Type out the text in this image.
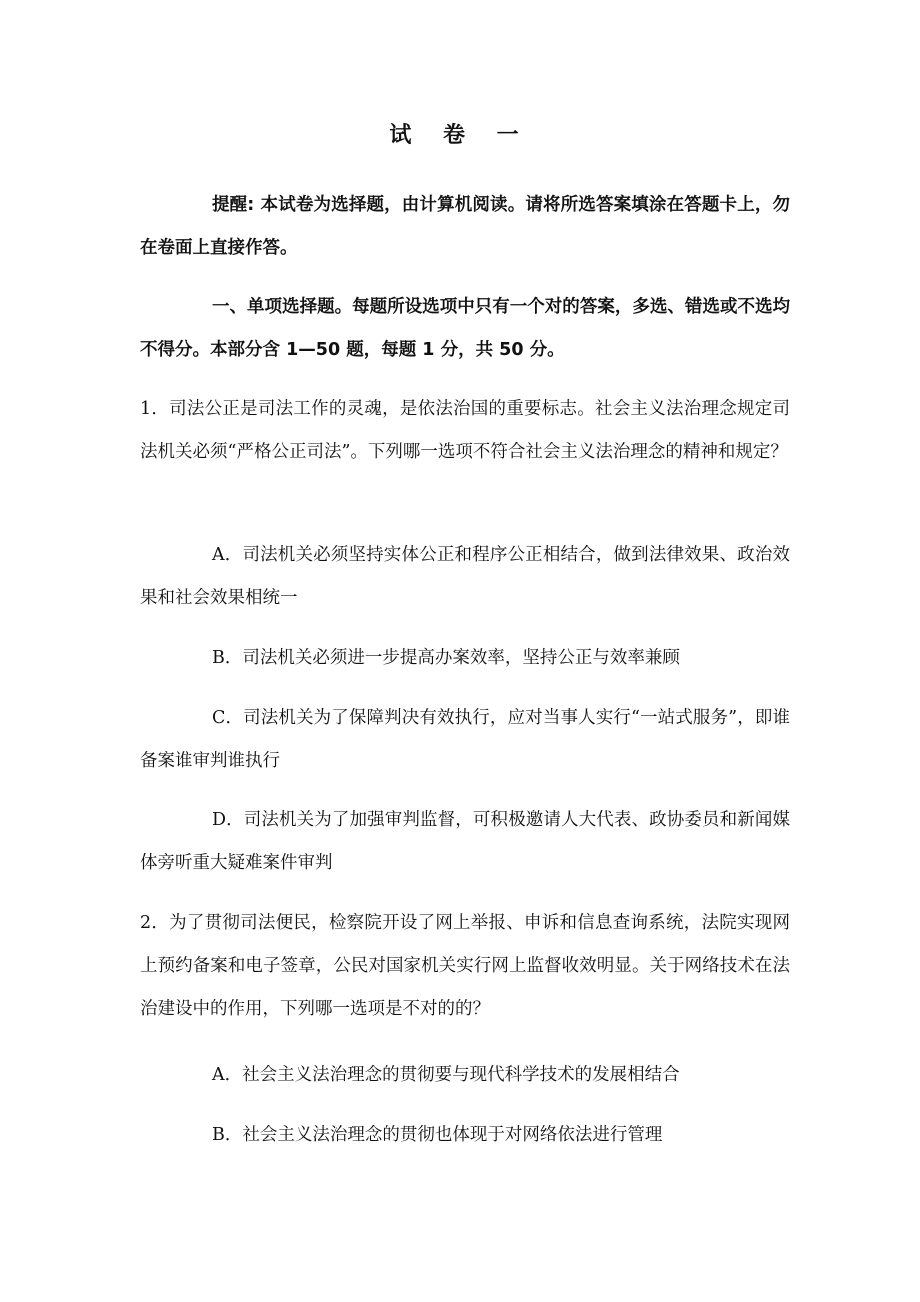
试 卷 一
提醒: 本试卷为选择题，由计算机阅读。请将所选答案填涂在答题卡上，勿在卷面上直接作答。
一、单项选择题。每题所设选项中只有一个对的答案，多选、错选或不选均不得分。本部分含 1—50 题，每题 1 分，共 50 分。
1．司法公正是司法工作的灵魂，是依法治国的重要标志。社会主义法治理念规定司法机关必须“严格公正司法”。下列哪一选项不符合社会主义法治理念的精神和规定？
A．司法机关必须坚持实体公正和程序公正相结合，做到法律效果、政治效果和社会效果相统一
B．司法机关必须进一步提高办案效率，坚持公正与效率兼顾
C．司法机关为了保障判决有效执行，应对当事人实行“一站式服务”，即谁备案谁审判谁执行
D．司法机关为了加强审判监督，可积极邀请人大代表、政协委员和新闻媒体旁听重大疑难案件审判
2．为了贯彻司法便民，检察院开设了网上举报、申诉和信息查询系统，法院实现网上预约备案和电子签章，公民对国家机关实行网上监督收效明显。关于网络技术在法治建设中的作用，下列哪一选项是不对的的？
A．社会主义法治理念的贯彻要与现代科学技术的发展相结合
B．社会主义法治理念的贯彻也体现于对网络依法进行管理
